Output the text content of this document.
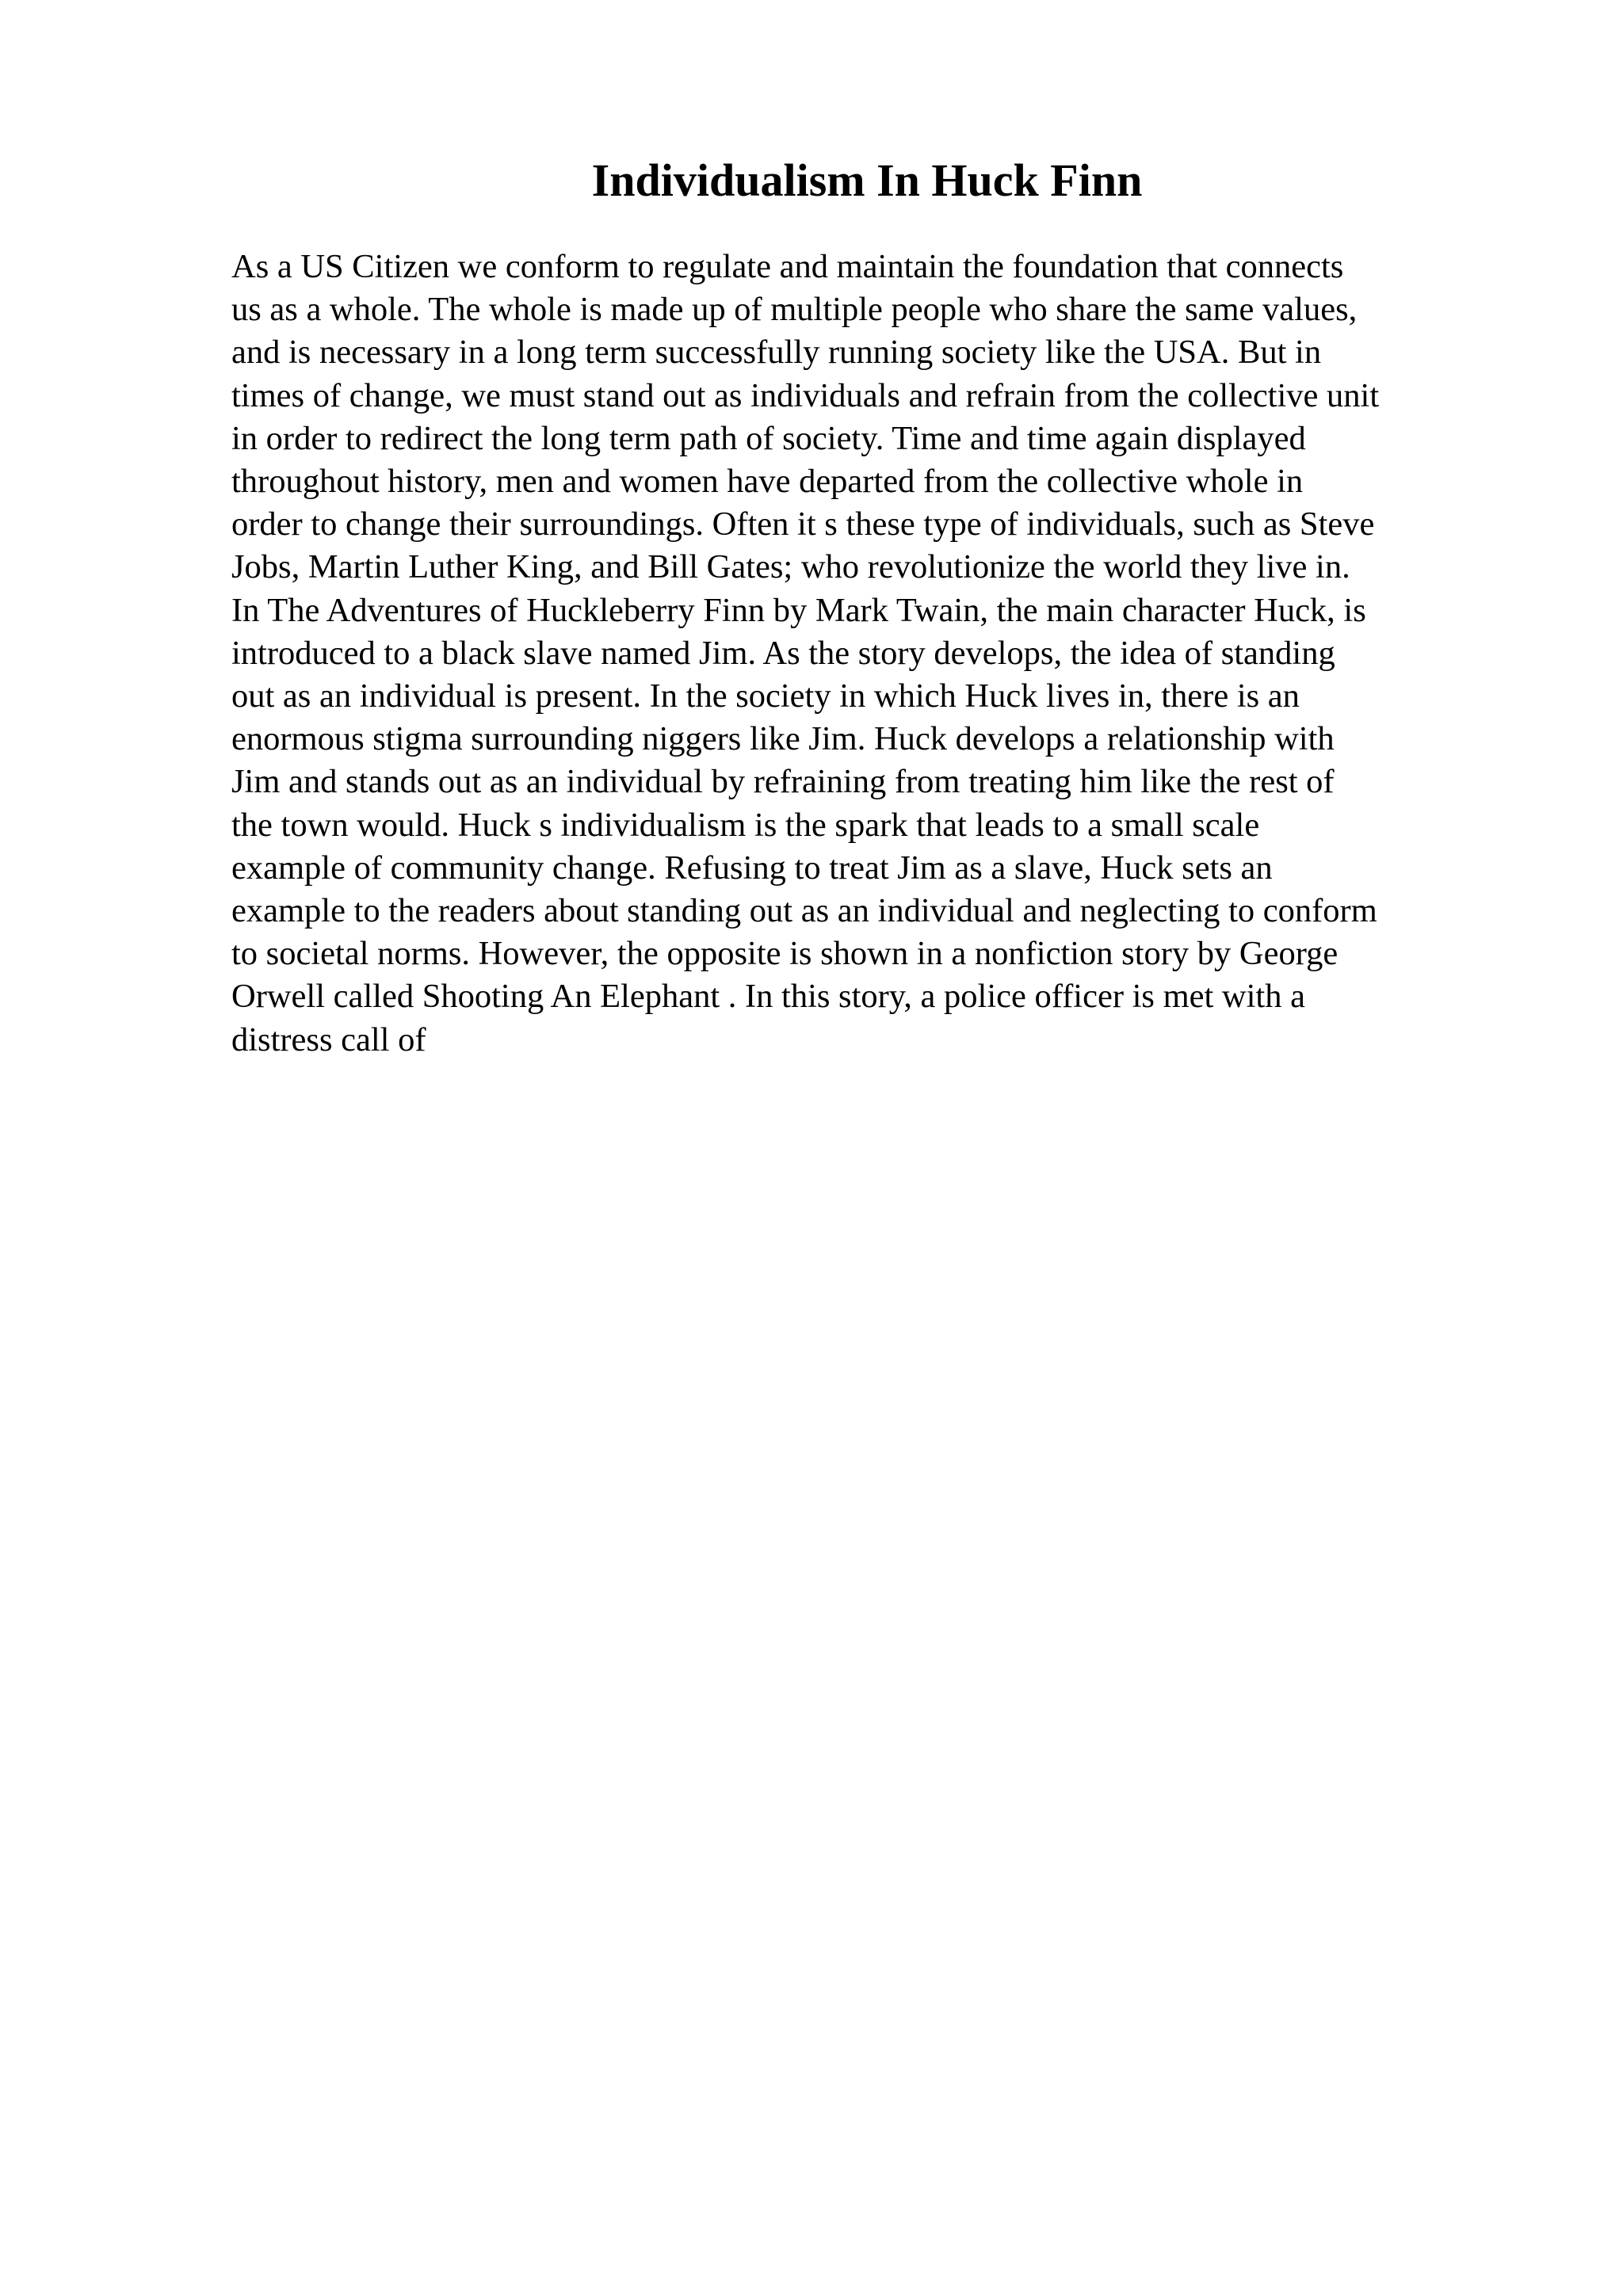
Individualism In Huck Finn
As a US Citizen we conform to regulate and maintain the foundation that connects
us as a whole. The whole is made up of multiple people who share the same values,
and is necessary in a long term successfully running society like the USA. But in
times of change, we must stand out as individuals and refrain from the collective unit
in order to redirect the long term path of society. Time and time again displayed
throughout history, men and women have departed from the collective whole in
order to change their surroundings. Often it s these type of individuals, such as Steve
Jobs, Martin Luther King, and Bill Gates; who revolutionize the world they live in.
In The Adventures of Huckleberry Finn by Mark Twain, the main character Huck, is
introduced to a black slave named Jim. As the story develops, the idea of standing
out as an individual is present. In the society in which Huck lives in, there is an
enormous stigma surrounding niggers like Jim. Huck develops a relationship with
Jim and stands out as an individual by refraining from treating him like the rest of
the town would. Huck s individualism is the spark that leads to a small scale
example of community change. Refusing to treat Jim as a slave, Huck sets an
example to the readers about standing out as an individual and neglecting to conform
to societal norms. However, the opposite is shown in a nonfiction story by George
Orwell called Shooting An Elephant . In this story, a police officer is met with a
distress call of
